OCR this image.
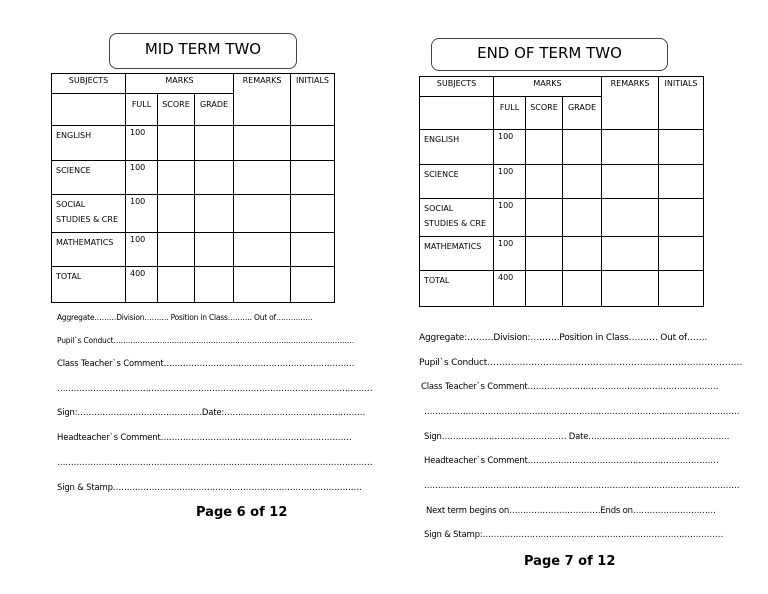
MID TERM TWO
SUBJECTS	MARKS			REMARKS	INITIALS
	FULL	SCORE	GRADE		
ENGLISH	100				
SCIENCE	100				
SOCIAL STUDIES & CRE	100				
MATHEMATICS	100				
TOTAL	400				
Aggregate………Division………. Position in Class………. Out of……………
Pupil`s Conduct………………………………………………………………………………………
Class Teacher`s Comment……………………………………………………………
……………………………………………………………………………………………………
Sign:………………………………………Date:……………………………………………
Headteacher`s Comment……………………………………………………………
……………………………………………………………………………………………………
Sign & Stamp………………………………………………………………………………
Page 6 of 12
END OF TERM TWO
SUBJECTS	MARKS			REMARKS	INITIALS
	FULL	SCORE	GRADE		
ENGLISH	100				
SCIENCE	100				
SOCIAL STUDIES & CRE	100				
MATHEMATICS	100				
TOTAL	400				
Aggregate:………Division:……….Position in Class………. Out of…….
Pupil`s Conduct……………………………………………………………………………
Class Teacher`s Comment……………………………………………………………
……………………………………………………………………………………………………
Sign……………………………………… Date……………………………………………
Headteacher`s Comment……………………………………………………………
……………………………………………………………………………………………………
Next term begins on……………………………Ends on…………………………
Sign & Stamp:……………………………………………………………………………
Page 7 of 12
